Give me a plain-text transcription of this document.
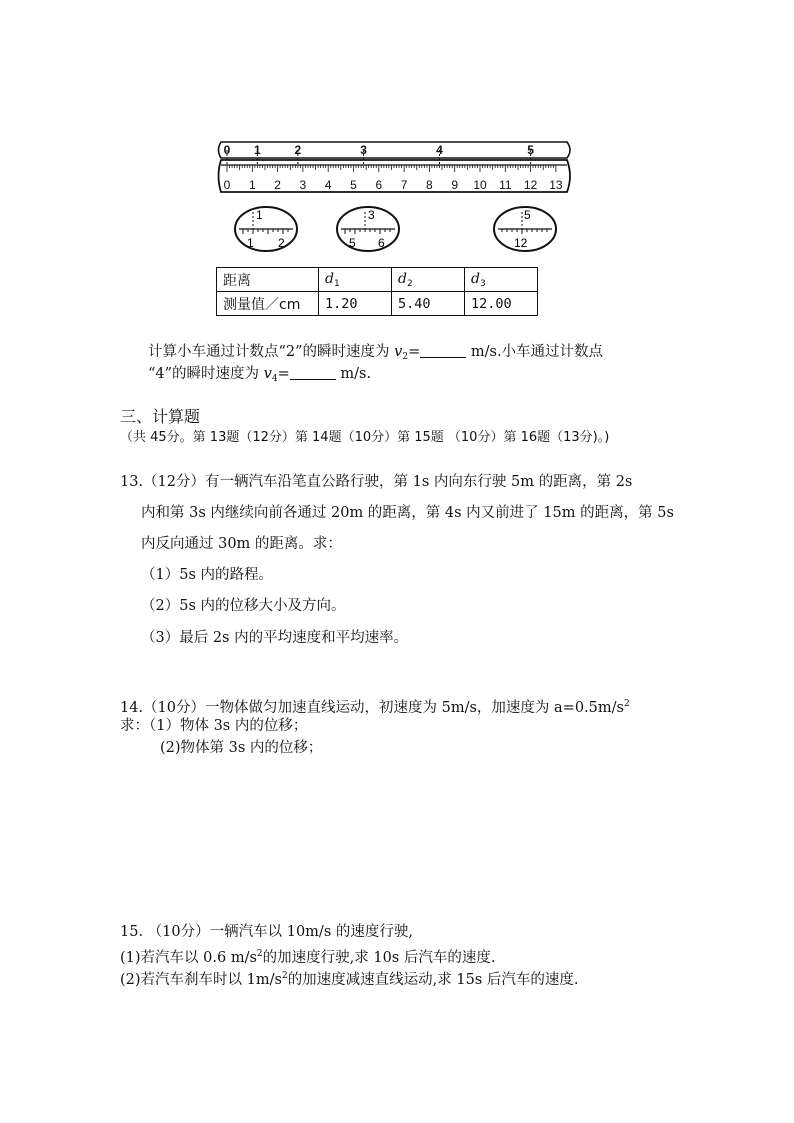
0 1 2 3 4 5 6 7 8 9 10 11 12 13
0 1	2	3	4	5
1
1 2
3
5 6
5
12
距离	$d_1$	$d_2$	$d_3$
测量值／cm	1.20	5.40	12.00
计算小车通过计数点“2”的瞬时速度为 $v_2=$	m/s.小车通过计数点
“4”的瞬时速度为 $v_4=$	m/s.
三、计算题
（共 45分。第 13题（12分）第 14题（10分）第 15题 （10分）第 16题（13分)。)
13.（12分）有一辆汽车沿笔直公路行驶，第 1s 内向东行驶 5m 的距离，第 2s
内和第 3s 内继续向前各通过 20m 的距离，第 4s 内又前进了 15m 的距离，第 5s
内反向通过 30m 的距离。求：
（1）5s 内的路程。
（2）5s 内的位移大小及方向。
（3）最后 2s 内的平均速度和平均速率。
14.（10分）一物体做匀加速直线运动，初速度为 5m/s，加速度为 $a=0.5m/s^2$
求：（1）物体 3s 内的位移；
(2)物体第 3s 内的位移；
15. （10分）一辆汽车以 10m/s 的速度行驶,
(1)若汽车以 0.6 $m/s^2$的加速度行驶,求 10s 后汽车的速度.
(2)若汽车刹车时以 $1m/s^2$的加速度减速直线运动,求 15s 后汽车的速度.
